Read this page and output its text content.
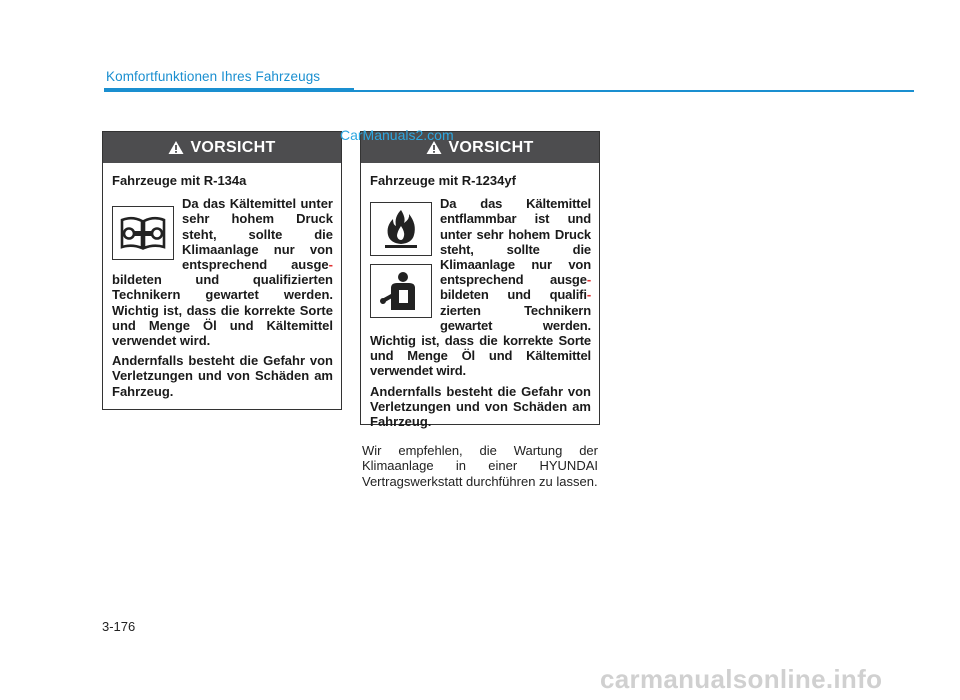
Komfortfunktionen Ihres Fahrzeugs
VORSICHT
Fahrzeuge mit R-134a
Da das Kältemittel unter sehr hohem Druck steht, sollte die Klimaanlage nur von entsprechend ausge-bildeten und qualifizierten Technikern gewartet werden. Wichtig ist, dass die korrekte Sorte und Menge Öl und Kältemittel verwendet wird.
Andernfalls besteht die Gefahr von Verletzungen und von Schäden am Fahrzeug.
VORSICHT
Fahrzeuge mit R-1234yf
Da das Kältemittel entflammbar ist und unter sehr hohem Druck steht, sollte die Klimaanlage nur von entsprechend ausge- bildeten und qualifi- zierten Technikern gewartet werden. Wichtig ist, dass die korrekte Sorte und Menge Öl und Kältemittel verwendet wird.
Andernfalls besteht die Gefahr von Verletzungen und von Schäden am Fahrzeug.
CarManuals2.com
Wir empfehlen, die Wartung der Klimaanlage in einer HYUNDAI Vertragswerkstatt durchführen zu lassen.
3-176
carmanualsonline.info
